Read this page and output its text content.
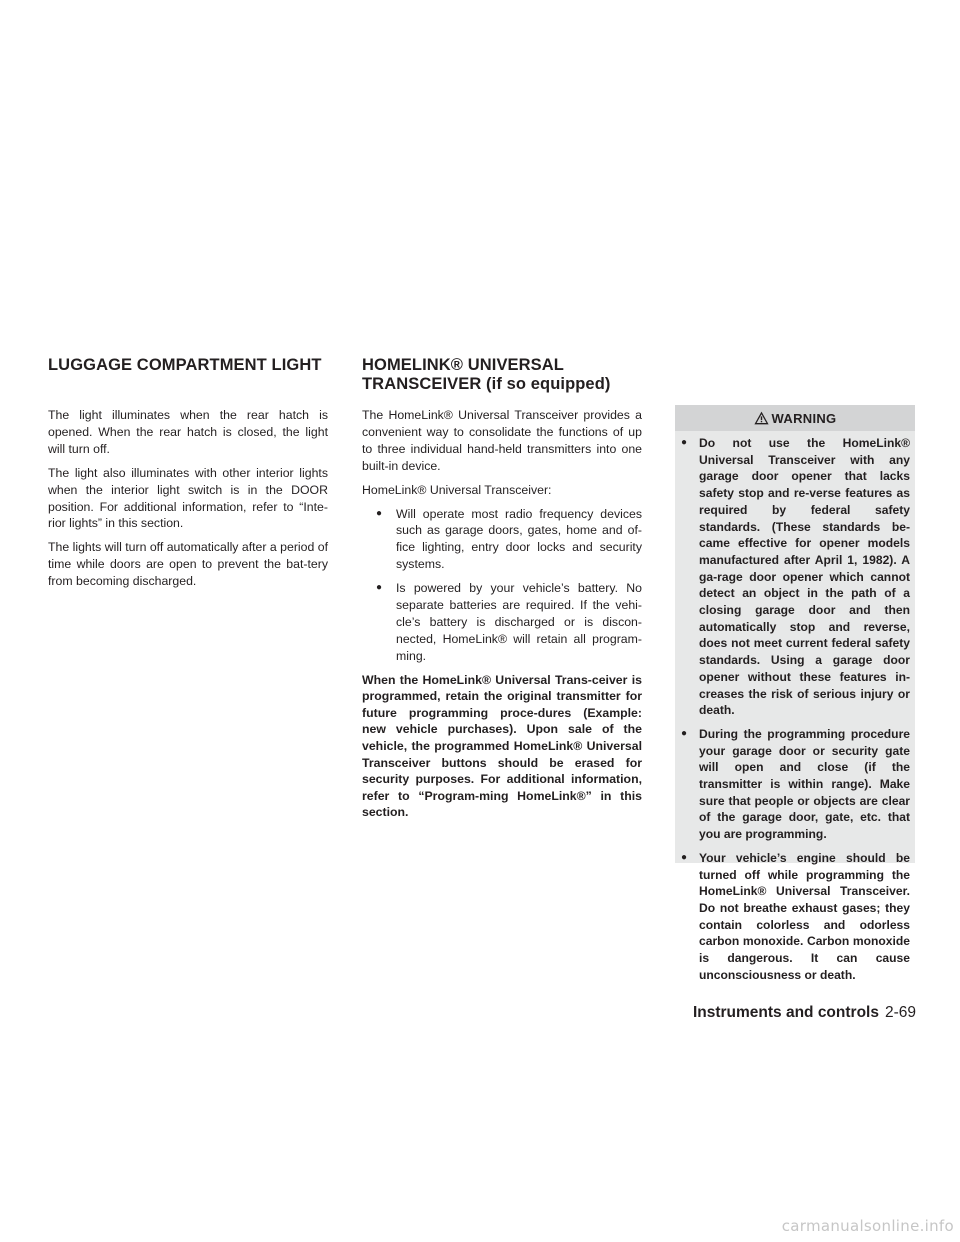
LUGGAGE COMPARTMENT LIGHT

The light illuminates when the rear hatch is opened. When the rear hatch is closed, the light will turn off.

The light also illuminates with other interior lights when the interior light switch is in the DOOR position. For additional information, refer to “Inte-rior lights” in this section.

The lights will turn off automatically after a period of time while doors are open to prevent the bat-tery from becoming discharged.

HOMELINK® UNIVERSAL TRANSCEIVER (if so equipped)

The HomeLink® Universal Transceiver provides a convenient way to consolidate the functions of up to three individual hand-held transmitters into one built-in device.

HomeLink® Universal Transceiver:

● Will operate most radio frequency devices such as garage doors, gates, home and of-fice lighting, entry door locks and security systems.
● Is powered by your vehicle’s battery. No separate batteries are required. If the vehi-cle’s battery is discharged or is discon-nected, HomeLink® will retain all program-ming.

When the HomeLink® Universal Trans-ceiver is programmed, retain the original transmitter for future programming proce-dures (Example: new vehicle purchases). Upon sale of the vehicle, the programmed HomeLink® Universal Transceiver buttons should be erased for security purposes. For additional information, refer to “Program-ming HomeLink®” in this section.

WARNING
● Do not use the HomeLink® Universal Transceiver with any garage door opener that lacks safety stop and re-verse features as required by federal safety standards. (These standards be-came effective for opener models manufactured after April 1, 1982). A ga-rage door opener which cannot detect an object in the path of a closing garage door and then automatically stop and reverse, does not meet current federal safety standards. Using a garage door opener without these features in-creases the risk of serious injury or death.
● During the programming procedure your garage door or security gate will open and close (if the transmitter is within range). Make sure that people or objects are clear of the garage door, gate, etc. that you are programming.
● Your vehicle’s engine should be turned off while programming the HomeLink® Universal Transceiver. Do not breathe exhaust gases; they contain colorless and odorless carbon monoxide. Carbon monoxide is dangerous. It can cause unconsciousness or death.
Instruments and controls 2-69
carmanualsonline.info
